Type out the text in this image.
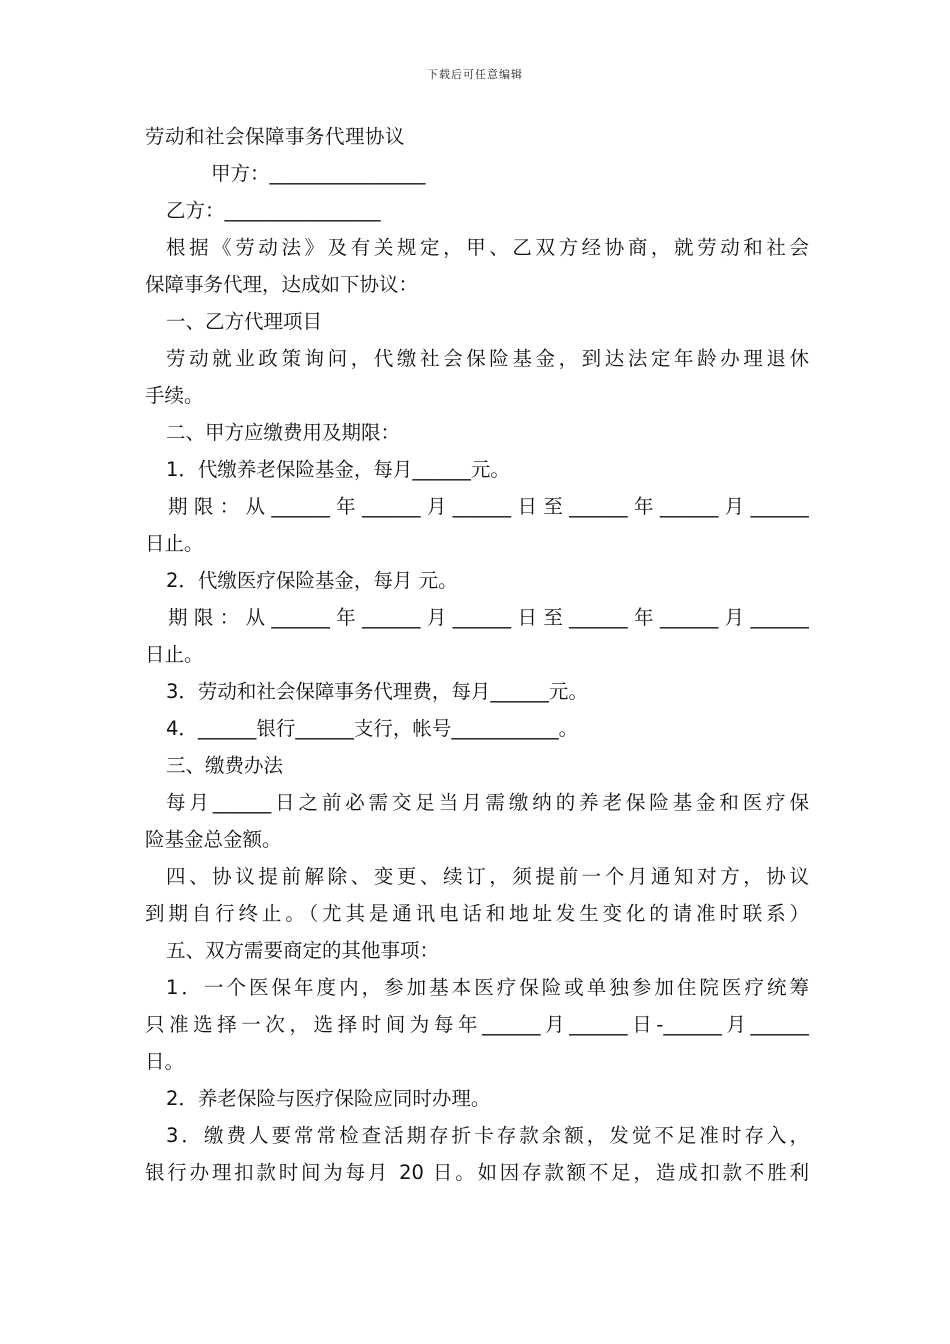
下载后可任意编辑
劳动和社会保障事务代理协议
甲方：________________
乙方：________________
根据《劳动法》及有关规定，甲、乙双方经协商，就劳动和社会
保障事务代理，达成如下协议：
一、乙方代理项目
劳动就业政策询问，代缴社会保险基金，到达法定年龄办理退休
手续。
二、甲方应缴费用及期限：
1．代缴养老保险基金，每月______元。
期限：从______年______月______日至______年______月______
日止。
2．代缴医疗保险基金，每月 元。
期限：从______年______月______日至______年______月______
日止。
3．劳动和社会保障事务代理费，每月______元。
4．______银行______支行，帐号___________。
三、缴费办法
每月______日之前必需交足当月需缴纳的养老保险基金和医疗保
险基金总金额。
四、协议提前解除、变更、续订，须提前一个月通知对方，协议
到期自行终止。（尤其是通讯电话和地址发生变化的请准时联系）
五、双方需要商定的其他事项：
1．一个医保年度内，参加基本医疗保险或单独参加住院医疗统筹
只准选择一次，选择时间为每年______月______日-______月______
日。
2．养老保险与医疗保险应同时办理。
3．缴费人要常常检查活期存折卡存款余额，发觉不足准时存入，
银行办理扣款时间为每月 20 日。如因存款额不足，造成扣款不胜利
